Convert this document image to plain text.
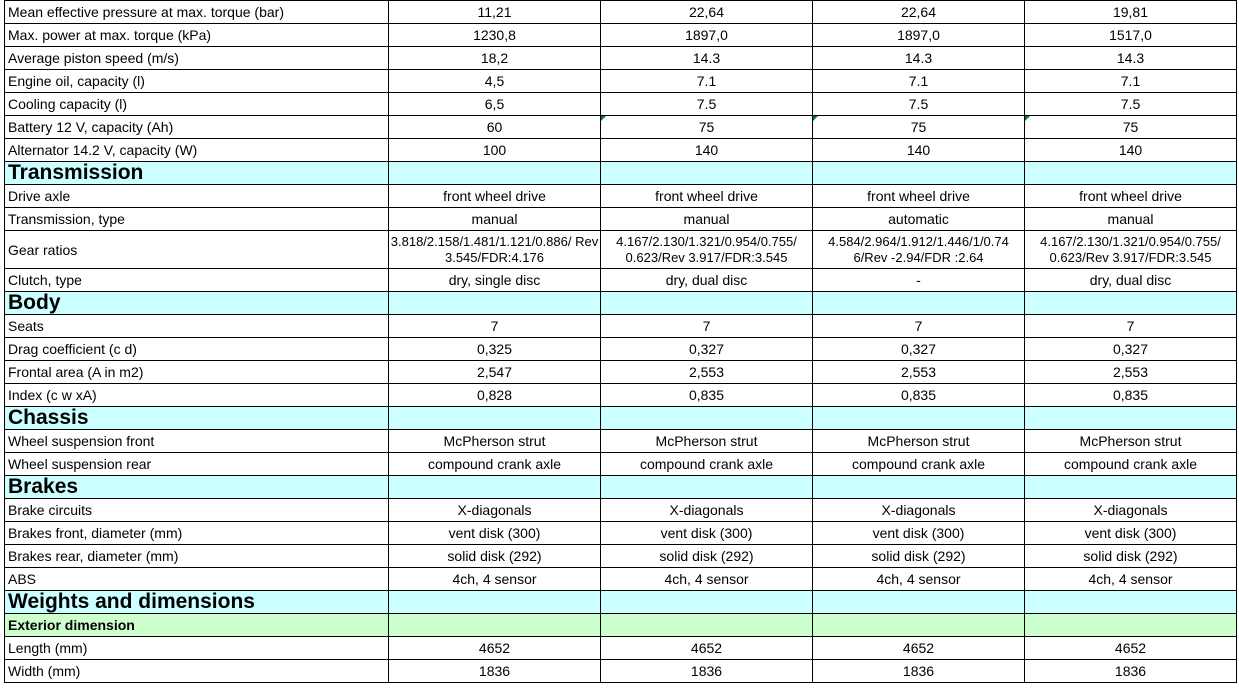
Mean effective pressure at max. torque (bar)	11,21	22,64	22,64	19,81
Max. power at max. torque (kPa)	1230,8	1897,0	1897,0	1517,0
Average piston speed (m/s)	18,2	14.3	14.3	14.3
Engine oil, capacity (l)	4,5	7.1	7.1	7.1
Cooling capacity (l)	6,5	7.5	7.5	7.5
Battery 12 V, capacity (Ah)	60	75	75	75
Alternator 14.2 V, capacity (W)	100	140	140	140
Transmission				
Drive axle	front wheel drive	front wheel drive	front wheel drive	front wheel drive
Transmission, type	manual	manual	automatic	manual
Gear ratios	3.818/2.158/1.481/1.121/0.886/ Rev 3.545/FDR:4.176	4.167/2.130/1.321/0.954/0.755/ 0.623/Rev 3.917/FDR:3.545	4.584/2.964/1.912/1.446/1/0.74 6/Rev -2.94/FDR :2.64	4.167/2.130/1.321/0.954/0.755/ 0.623/Rev 3.917/FDR:3.545
Clutch, type	dry, single disc	dry, dual disc	-	dry, dual disc
Body				
Seats	7	7	7	7
Drag coefficient (c d)	0,325	0,327	0,327	0,327
Frontal area (A in m2)	2,547	2,553	2,553	2,553
Index (c w xA)	0,828	0,835	0,835	0,835
Chassis				
Wheel suspension front	McPherson strut	McPherson strut	McPherson strut	McPherson strut
Wheel suspension rear	compound crank axle	compound crank axle	compound crank axle	compound crank axle
Brakes				
Brake circuits	X-diagonals	X-diagonals	X-diagonals	X-diagonals
Brakes front, diameter (mm)	vent disk (300)	vent disk (300)	vent disk (300)	vent disk (300)
Brakes rear, diameter (mm)	solid disk (292)	solid disk (292)	solid disk (292)	solid disk (292)
ABS	4ch, 4 sensor	4ch, 4 sensor	4ch, 4 sensor	4ch, 4 sensor
Weights and dimensions				
Exterior dimension				
Length (mm)	4652	4652	4652	4652
Width (mm)	1836	1836	1836	1836
